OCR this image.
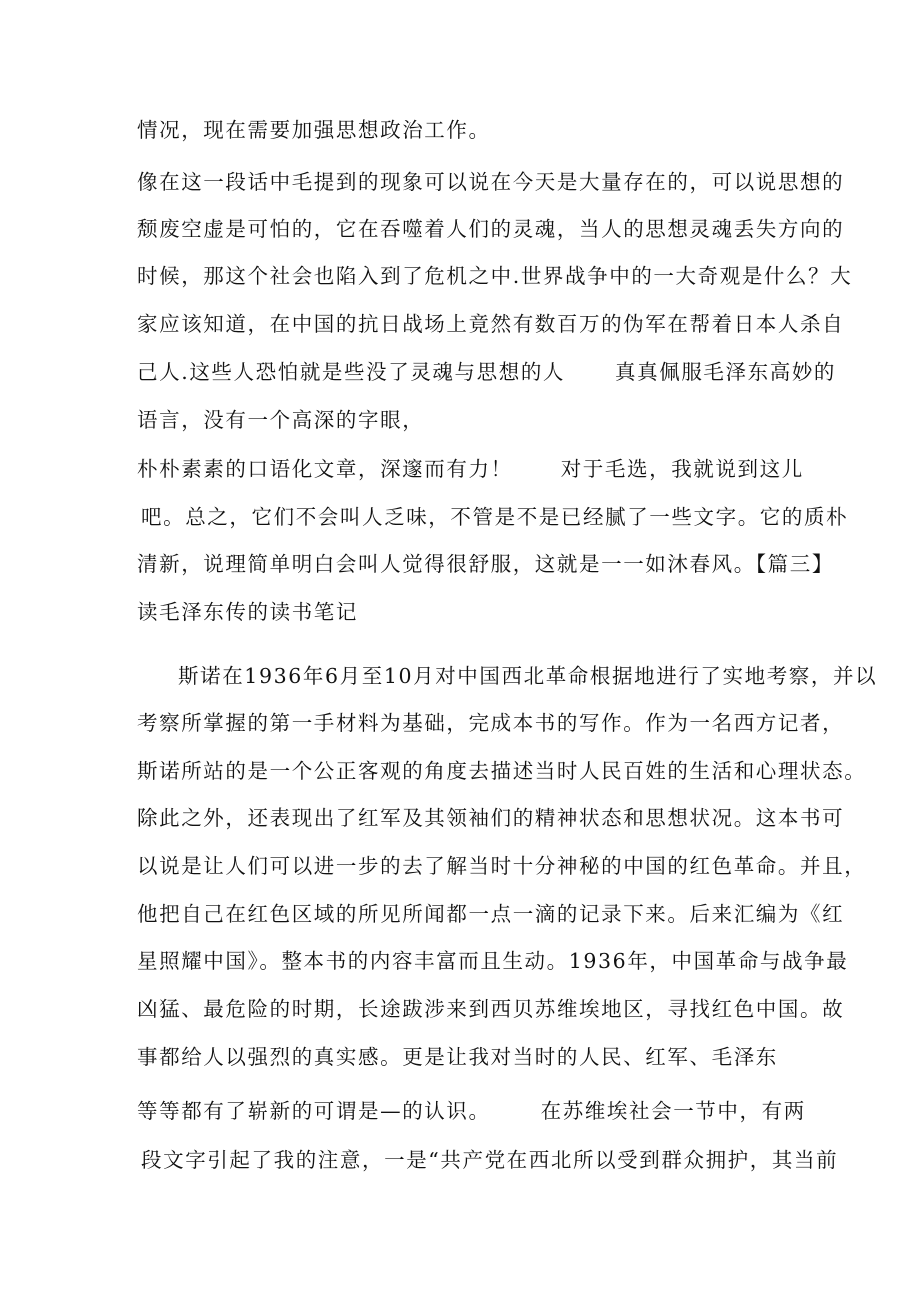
情况，现在需要加强思想政治工作。
像在这一段话中毛提到的现象可以说在今天是大量存在的，可以说思想的
颓废空虚是可怕的，它在吞噬着人们的灵魂，当人的思想灵魂丢失方向的
时候，那这个社会也陷入到了危机之中.世界战争中的一大奇观是什么？大
家应该知道，在中国的抗日战场上竟然有数百万的伪军在帮着日本人杀自
己人.这些人恐怕就是些没了灵魂与思想的人 真真佩服毛泽东高妙的
语言，没有一个高深的字眼，
朴朴素素的口语化文章，深邃而有力！ 对于毛选，我就说到这儿
吧。总之，它们不会叫人乏味，不管是不是已经腻了一些文字。它的质朴
清新，说理简单明白会叫人觉得很舒服，这就是一一如沐春风。【篇三】
读毛泽东传的读书笔记
斯诺在1936年6月至10月对中国西北革命根据地进行了实地考察，并以
考察所掌握的第一手材料为基础，完成本书的写作。作为一名西方记者，
斯诺所站的是一个公正客观的角度去描述当时人民百姓的生活和心理状态。
除此之外，还表现出了红军及其领袖们的精神状态和思想状况。这本书可
以说是让人们可以进一步的去了解当时十分神秘的中国的红色革命。并且，
他把自己在红色区域的所见所闻都一点一滴的记录下来。后来汇编为《红
星照耀中国》。整本书的内容丰富而且生动。1936年，中国革命与战争最
凶猛、最危险的时期，长途跋涉来到西贝苏维埃地区，寻找红色中国。故
事都给人以强烈的真实感。更是让我对当时的人民、红军、毛泽东
等等都有了崭新的可谓是—的认识。 在苏维埃社会一节中，有两
段文字引起了我的注意，一是“共产党在西北所以受到群众拥护，其当前
